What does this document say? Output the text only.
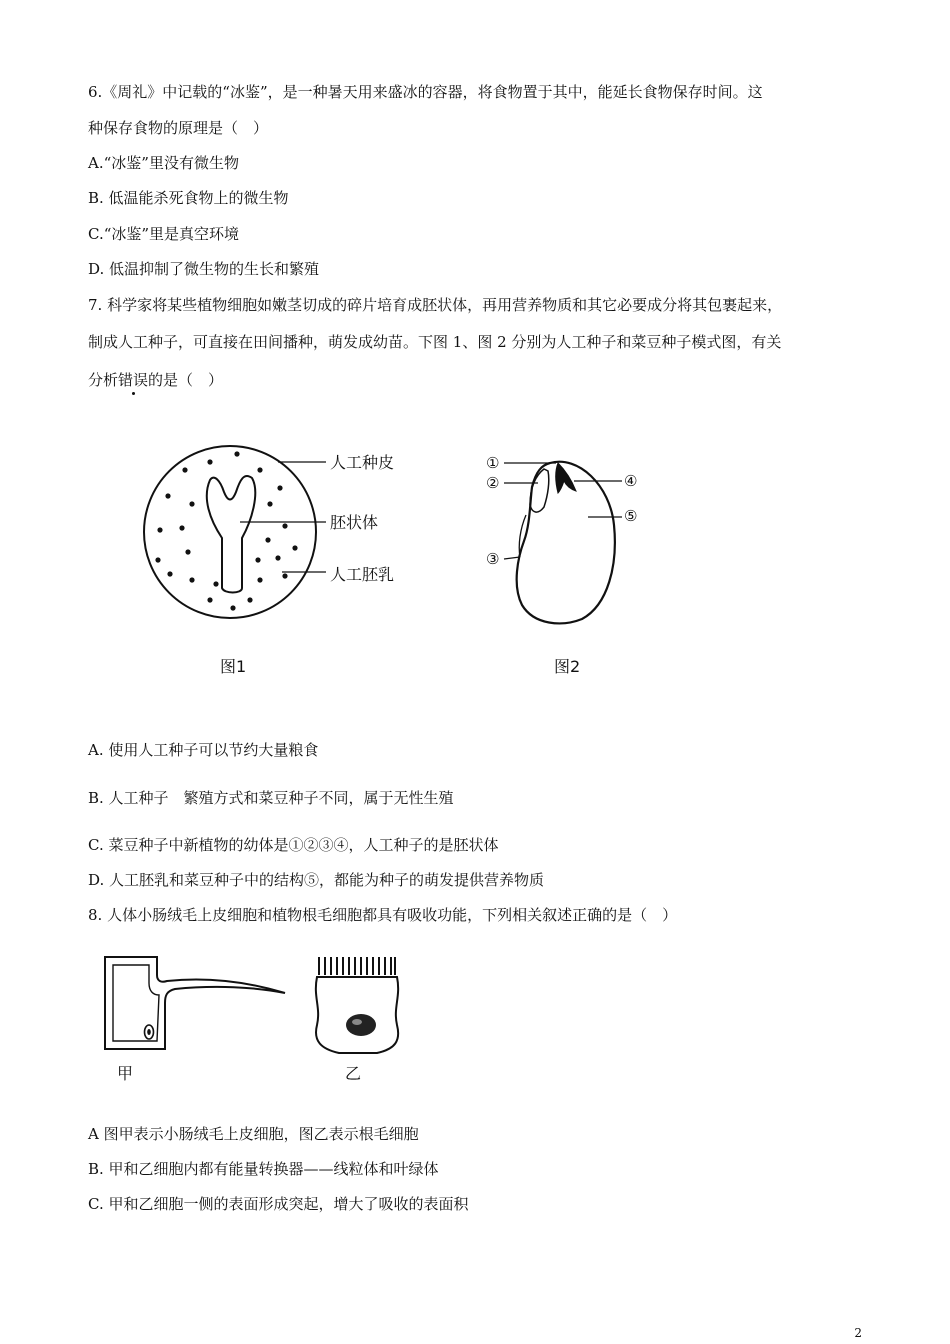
6.《周礼》中记载的“冰鉴”，是一种暑天用来盛冰的容器，将食物置于其中，能延长食物保存时间。这
种保存食物的原理是（　）
A.“冰鉴”里没有微生物
B. 低温能杀死食物上的微生物
C.“冰鉴”里是真空环境
D. 低温抑制了微生物的生长和繁殖
7. 科学家将某些植物细胞如嫩茎切成的碎片培育成胚状体，再用营养物质和其它必要成分将其包裹起来，
制成人工种子，可直接在田间播种，萌发成幼苗。下图 1、图 2 分别为人工种子和菜豆种子模式图，有关
分析错误的是（　）
人工种皮
胚状体
人工胚乳
图1
①
②
③
④
⑤
图2
A. 使用人工种子可以节约大量粮食
B. 人工种子　繁殖方式和菜豆种子不同，属于无性生殖
C. 菜豆种子中新植物的幼体是①②③④，人工种子的是胚状体
D. 人工胚乳和菜豆种子中的结构⑤，都能为种子的萌发提供营养物质
8. 人体小肠绒毛上皮细胞和植物根毛细胞都具有吸收功能，下列相关叙述正确的是（　）
甲	乙
A 图甲表示小肠绒毛上皮细胞，图乙表示根毛细胞
B. 甲和乙细胞内都有能量转换器——线粒体和叶绿体
C. 甲和乙细胞一侧的表面形成突起，增大了吸收的表面积
2
